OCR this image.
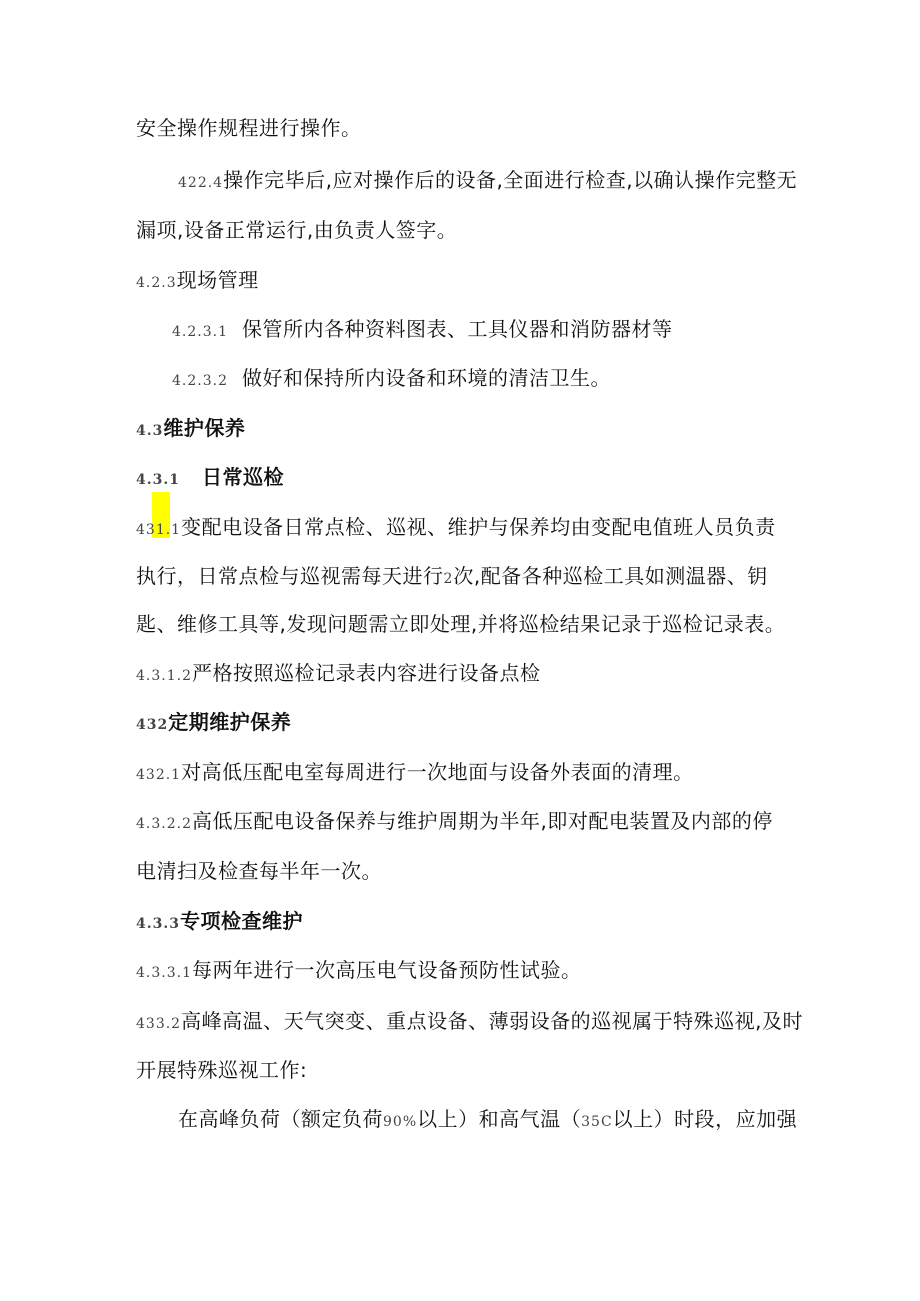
安全操作规程进行操作。
422.4操作完毕后,应对操作后的设备,全面进行检查,以确认操作完整无
漏项,设备正常运行,由负责人签字。
4.2.3现场管理
4.2.3.1 保管所内各种资料图表、工具仪器和消防器材等
4.2.3.2 做好和保持所内设备和环境的清洁卫生。
4.3维护保养
4.3.1 日常巡检
431.1变配电设备日常点检、巡视、维护与保养均由变配电值班人员负责
执行，日常点检与巡视需每天进行2次,配备各种巡检工具如测温器、钥
匙、维修工具等,发现问题需立即处理,并将巡检结果记录于巡检记录表。
4.3.1.2严格按照巡检记录表内容进行设备点检
432定期维护保养
432.1对高低压配电室每周进行一次地面与设备外表面的清理。
4.3.2.2高低压配电设备保养与维护周期为半年,即对配电装置及内部的停
电清扫及检查每半年一次。
4.3.3专项检查维护
4.3.3.1每两年进行一次高压电气设备预防性试验。
433.2高峰高温、天气突变、重点设备、薄弱设备的巡视属于特殊巡视,及时
开展特殊巡视工作:
在高峰负荷（额定负荷90%以上）和高气温（35C以上）时段，应加强
